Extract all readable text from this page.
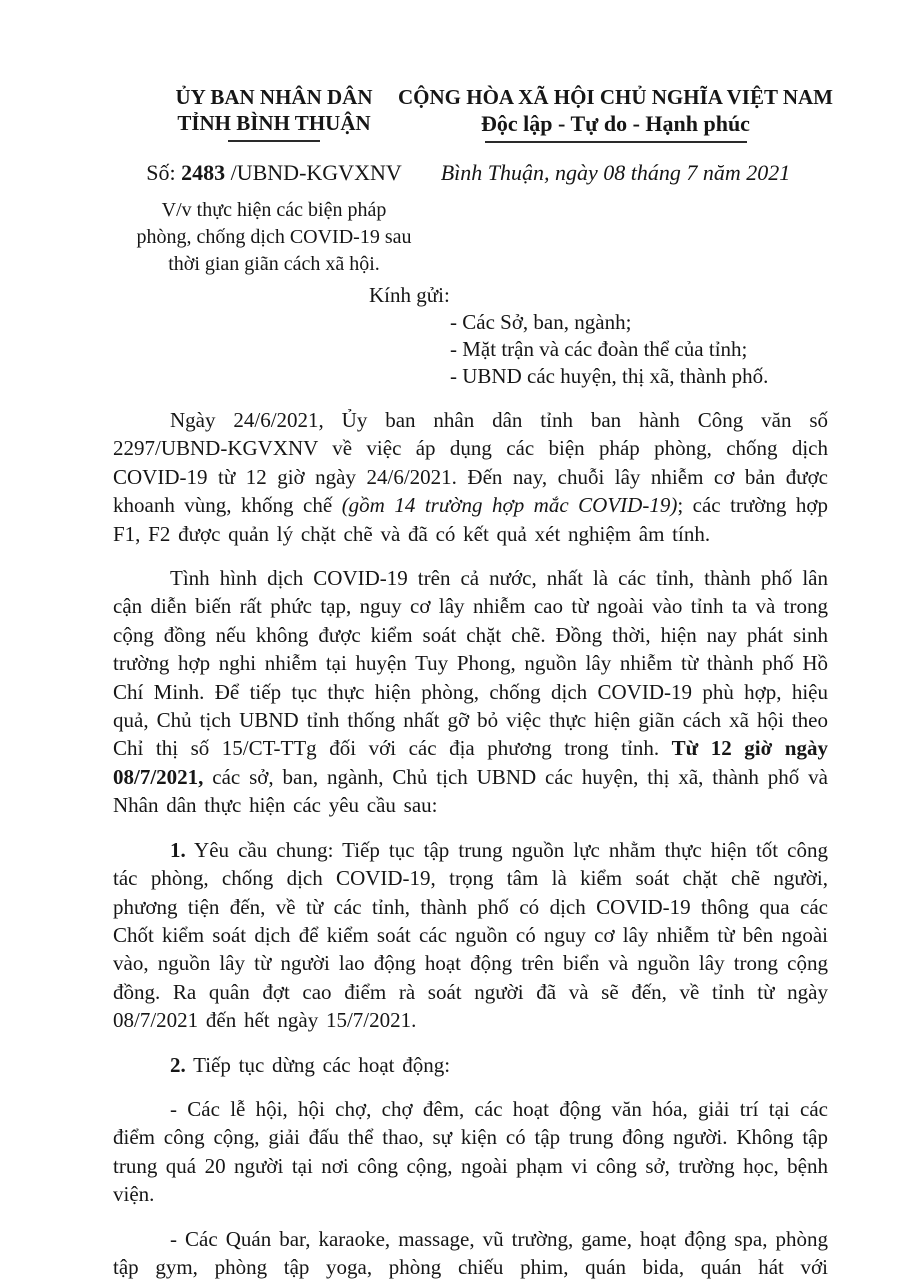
ỦY BAN NHÂN DÂN
TỈNH BÌNH THUẬN
CỘNG HÒA XÃ HỘI CHỦ NGHĨA VIỆT NAM
Độc lập - Tự do - Hạnh phúc
Số: 2483 /UBND-KGVXNV Bình Thuận, ngày 08 tháng 7 năm 2021
V/v thực hiện các biện pháp
phòng, chống dịch COVID-19 sau
thời gian giãn cách xã hội.
Kính gửi:
- Các Sở, ban, ngành;
- Mặt trận và các đoàn thể của tỉnh;
- UBND các huyện, thị xã, thành phố.

Ngày 24/6/2021, Ủy ban nhân dân tỉnh ban hành Công văn số 2297/UBND-KGVXNV về việc áp dụng các biện pháp phòng, chống dịch COVID-19 từ 12 giờ ngày 24/6/2021. Đến nay, chuỗi lây nhiễm cơ bản được khoanh vùng, khống chế (gồm 14 trường hợp mắc COVID-19); các trường hợp F1, F2 được quản lý chặt chẽ và đã có kết quả xét nghiệm âm tính.

Tình hình dịch COVID-19 trên cả nước, nhất là các tỉnh, thành phố lân cận diễn biến rất phức tạp, nguy cơ lây nhiễm cao từ ngoài vào tỉnh ta và trong cộng đồng nếu không được kiểm soát chặt chẽ. Đồng thời, hiện nay phát sinh trường hợp nghi nhiễm tại huyện Tuy Phong, nguồn lây nhiễm từ thành phố Hồ Chí Minh. Để tiếp tục thực hiện phòng, chống dịch COVID-19 phù hợp, hiệu quả, Chủ tịch UBND tỉnh thống nhất gỡ bỏ việc thực hiện giãn cách xã hội theo Chỉ thị số 15/CT-TTg đối với các địa phương trong tỉnh. Từ 12 giờ ngày 08/7/2021, các sở, ban, ngành, Chủ tịch UBND các huyện, thị xã, thành phố và Nhân dân thực hiện các yêu cầu sau:

1. Yêu cầu chung: Tiếp tục tập trung nguồn lực nhằm thực hiện tốt công tác phòng, chống dịch COVID-19, trọng tâm là kiểm soát chặt chẽ người, phương tiện đến, về từ các tỉnh, thành phố có dịch COVID-19 thông qua các Chốt kiểm soát dịch để kiểm soát các nguồn có nguy cơ lây nhiễm từ bên ngoài vào, nguồn lây từ người lao động hoạt động trên biển và nguồn lây trong cộng đồng. Ra quân đợt cao điểm rà soát người đã và sẽ đến, về tỉnh từ ngày 08/7/2021 đến hết ngày 15/7/2021.

2. Tiếp tục dừng các hoạt động:

- Các lễ hội, hội chợ, chợ đêm, các hoạt động văn hóa, giải trí tại các điểm công cộng, giải đấu thể thao, sự kiện có tập trung đông người. Không tập trung quá 20 người tại nơi công cộng, ngoài phạm vi công sở, trường học, bệnh viện.

- Các Quán bar, karaoke, massage, vũ trường, game, hoạt động spa, phòng tập gym, phòng tập yoga, phòng chiếu phim, quán bida, quán hát với
